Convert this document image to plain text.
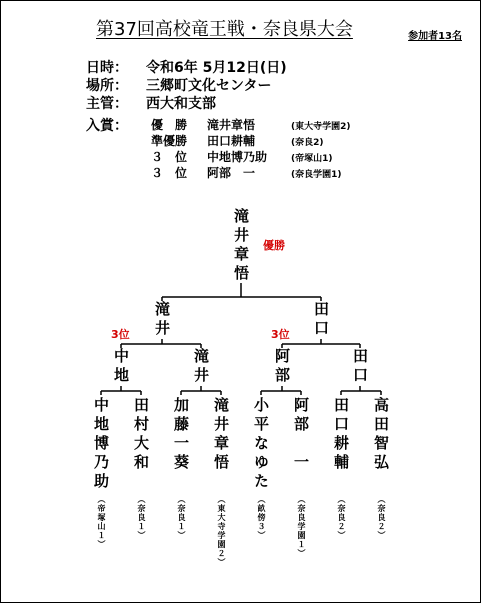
第37回高校竜王戦・奈良県大会	参加者13名
日時： 令和6年 5月12日(日)
場所： 三郷町文化センター
主管： 西大和支部
入賞： 優　勝 滝井章悟	(東大寺学園2)
準優勝 田口耕輔	(奈良2)
３　位 中地博乃助	(帝塚山1)
３　位 阿部　一	(奈良学園1)
滝井章悟 優勝
滝井	田口
3位	3位
中地	滝井	阿部	田口
中地博乃助 田村大和 加藤一葵 滝井章悟 小平なゆた 阿部　一 田口耕輔 高田智弘
（帝塚山１）	（奈良１）	（奈良１）	（東大寺学園２）	（畝傍３）	（奈良学園１）	（奈良２）	（奈良２）
